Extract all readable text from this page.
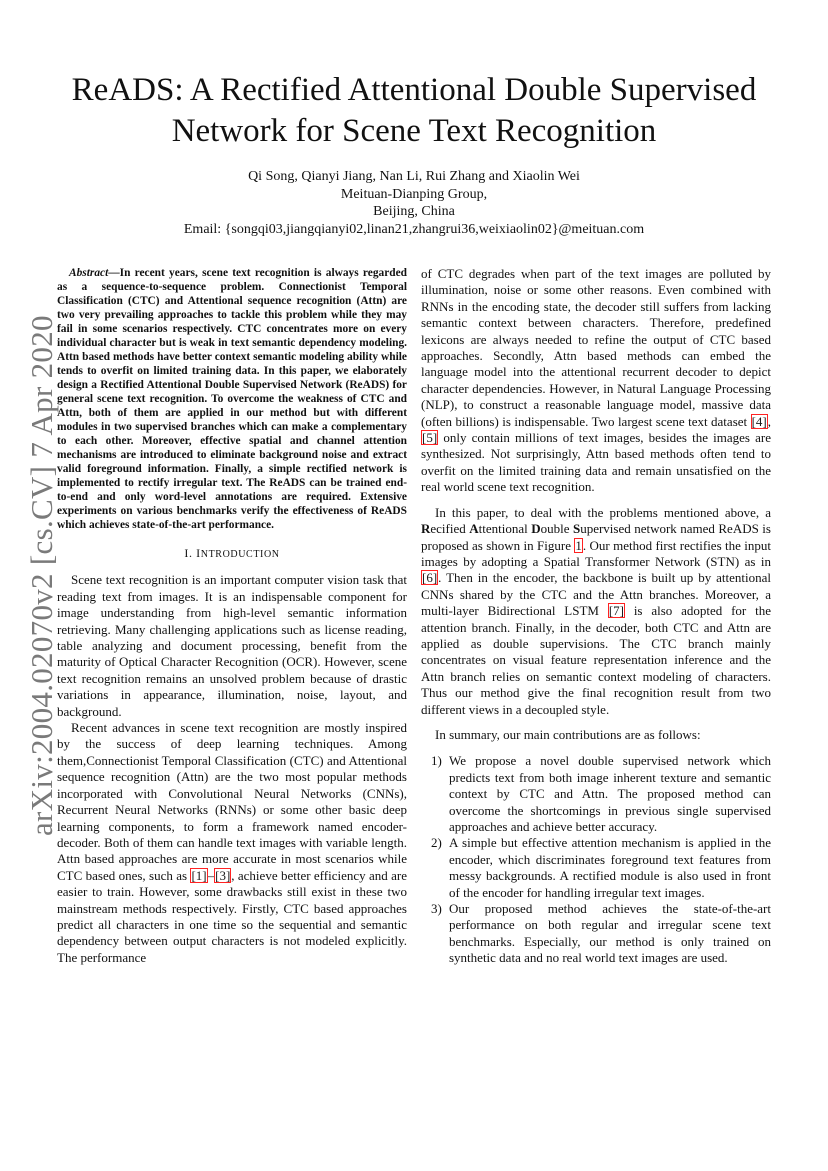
ReADS: A Rectified Attentional Double Supervised
Network for Scene Text Recognition
Qi Song, Qianyi Jiang, Nan Li, Rui Zhang and Xiaolin Wei
Meituan-Dianping Group,
Beijing, China
Email: {songqi03,jiangqianyi02,linan21,zhangrui36,weixiaolin02}@meituan.com
arXiv:2004.02070v2 [cs.CV] 7 Apr 2020

Abstract—In recent years, scene text recognition is always regarded as a sequence-to-sequence problem. Connectionist Temporal Classification (CTC) and Attentional sequence recognition (Attn) are two very prevailing approaches to tackle this problem while they may fail in some scenarios respectively. CTC concentrates more on every individual character but is weak in text semantic dependency modeling. Attn based methods have better context semantic modeling ability while tends to overfit on limited training data. In this paper, we elaborately design a Rectified Attentional Double Supervised Network (ReADS) for general scene text recognition. To overcome the weakness of CTC and Attn, both of them are applied in our method but with different modules in two supervised branches which can make a complementary to each other. Moreover, effective spatial and channel attention mechanisms are introduced to eliminate background noise and extract valid foreground information. Finally, a simple rectified network is implemented to rectify irregular text. The ReADS can be trained end-to-end and only word-level annotations are required. Extensive experiments on various benchmarks verify the effectiveness of ReADS which achieves state-of-the-art performance.

I. INTRODUCTION

Scene text recognition is an important computer vision task that reading text from images. It is an indispensable component for image understanding from high-level semantic information retrieving. Many challenging applications such as license reading, table analyzing and document processing, benefit from the maturity of Optical Character Recognition (OCR). However, scene text recognition remains an unsolved problem because of drastic variations in appearance, illumination, noise, layout, and background.

Recent advances in scene text recognition are mostly inspired by the success of deep learning techniques. Among them,Connectionist Temporal Classification (CTC) and Attentional sequence recognition (Attn) are the two most popular methods incorporated with Convolutional Neural Networks (CNNs), Recurrent Neural Networks (RNNs) or some other basic deep learning components, to form a framework named encoder-decoder. Both of them can handle text images with variable length. Attn based approaches are more accurate in most scenarios while CTC based ones, such as [1]–[3], achieve better efficiency and are easier to train. However, some drawbacks still exist in these two mainstream methods respectively. Firstly, CTC based approaches predict all characters in one time so the sequential and semantic dependency between output characters is not modeled explicitly. The performance

of CTC degrades when part of the text images are polluted by illumination, noise or some other reasons. Even combined with RNNs in the encoding state, the decoder still suffers from lacking semantic context between characters. Therefore, predefined lexicons are always needed to refine the output of CTC based approaches. Secondly, Attn based methods can embed the language model into the attentional recurrent decoder to depict character dependencies. However, in Natural Language Processing (NLP), to construct a reasonable language model, massive data (often billions) is indispensable. Two largest scene text dataset [4], [5] only contain millions of text images, besides the images are synthesized. Not surprisingly, Attn based methods often tend to overfit on the limited training data and remain unsatisfied on the real world scene text recognition.

In this paper, to deal with the problems mentioned above, a Recified Attentional Double Supervised network named ReADS is proposed as shown in Figure 1. Our method first rectifies the input images by adopting a Spatial Transformer Network (STN) as in [6]. Then in the encoder, the backbone is built up by attentional CNNs shared by the CTC and the Attn branches. Moreover, a multi-layer Bidirectional LSTM [7] is also adopted for the attention branch. Finally, in the decoder, both CTC and Attn are applied as double supervisions. The CTC branch mainly concentrates on visual feature representation inference and the Attn branch relies on semantic context modeling of characters. Thus our method give the final recognition result from two different views in a decoupled style.

In summary, our main contributions are as follows:

1) We propose a novel double supervised network which predicts text from both image inherent texture and semantic context by CTC and Attn. The proposed method can overcome the shortcomings in previous single supervised approaches and achieve better accuracy.
2) A simple but effective attention mechanism is applied in the encoder, which discriminates foreground text features from messy backgrounds. A rectified module is also used in front of the encoder for handling irregular text images.
3) Our proposed method achieves the state-of-the-art performance on both regular and irregular scene text benchmarks. Especially, our method is only trained on synthetic data and no real world text images are used.
